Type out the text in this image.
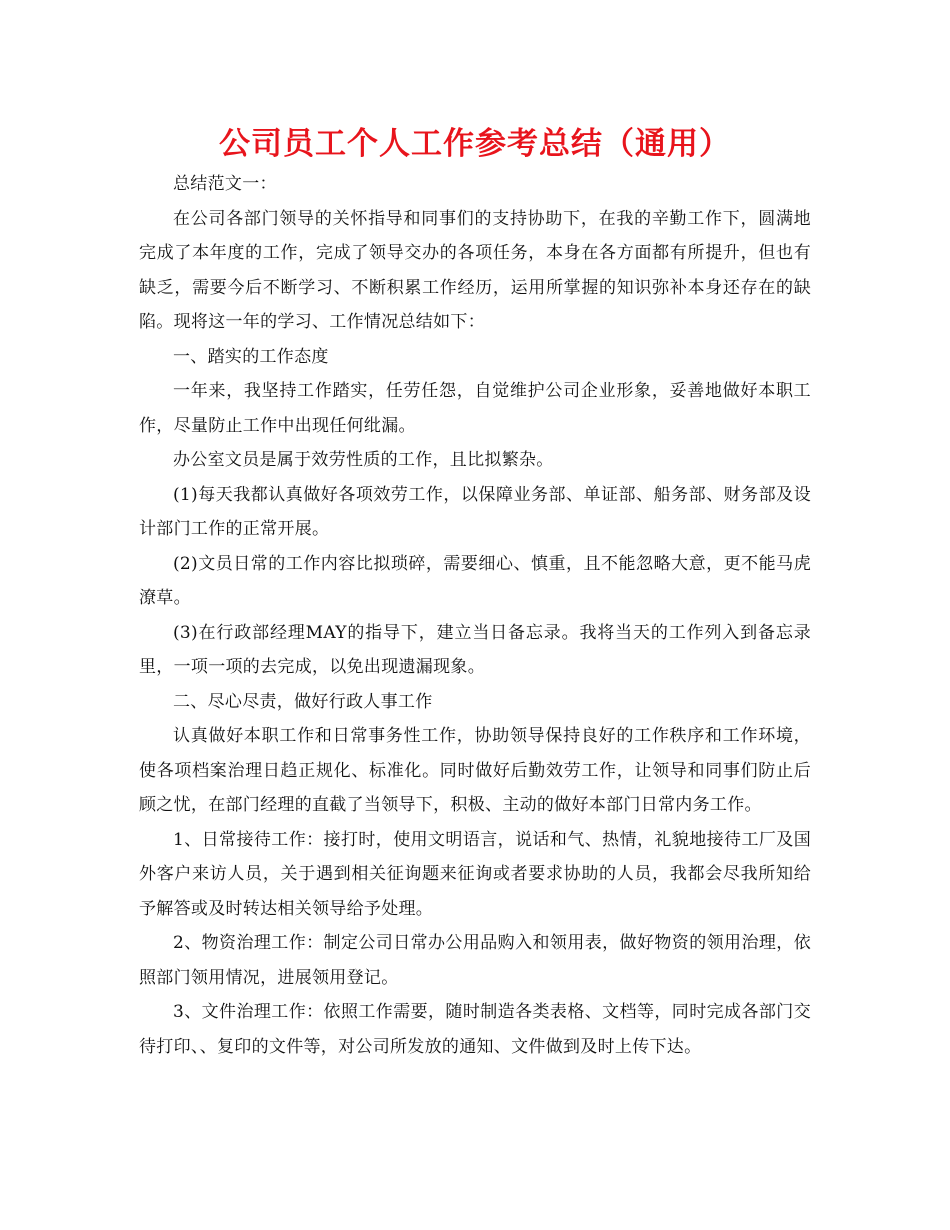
公司员工个人工作参考总结（通用）

总结范文一：

在公司各部门领导的关怀指导和同事们的支持协助下，在我的辛勤工作下，圆满地完成了本年度的工作，完成了领导交办的各项任务，本身在各方面都有所提升，但也有缺乏，需要今后不断学习、不断积累工作经历，运用所掌握的知识弥补本身还存在的缺陷。现将这一年的学习、工作情况总结如下：

一、踏实的工作态度

一年来，我坚持工作踏实，任劳任怨，自觉维护公司企业形象，妥善地做好本职工作，尽量防止工作中出现任何纰漏。

办公室文员是属于效劳性质的工作，且比拟繁杂。

(1)每天我都认真做好各项效劳工作，以保障业务部、单证部、船务部、财务部及设计部门工作的正常开展。

(2)文员日常的工作内容比拟琐碎，需要细心、慎重，且不能忽略大意，更不能马虎潦草。

(3)在行政部经理MAY的指导下，建立当日备忘录。我将当天的工作列入到备忘录里，一项一项的去完成，以免出现遗漏现象。

二、尽心尽责，做好行政人事工作

认真做好本职工作和日常事务性工作，协助领导保持良好的工作秩序和工作环境，使各项档案治理日趋正规化、标准化。同时做好后勤效劳工作，让领导和同事们防止后顾之忧，在部门经理的直截了当领导下，积极、主动的做好本部门日常内务工作。

1、日常接待工作：接打时，使用文明语言，说话和气、热情，礼貌地接待工厂及国外客户来访人员，关于遇到相关征询题来征询或者要求协助的人员，我都会尽我所知给予解答或及时转达相关领导给予处理。

2、物资治理工作：制定公司日常办公用品购入和领用表，做好物资的领用治理，依照部门领用情况，进展领用登记。

3、文件治理工作：依照工作需要，随时制造各类表格、文档等，同时完成各部门交待打印、、复印的文件等，对公司所发放的通知、文件做到及时上传下达。
